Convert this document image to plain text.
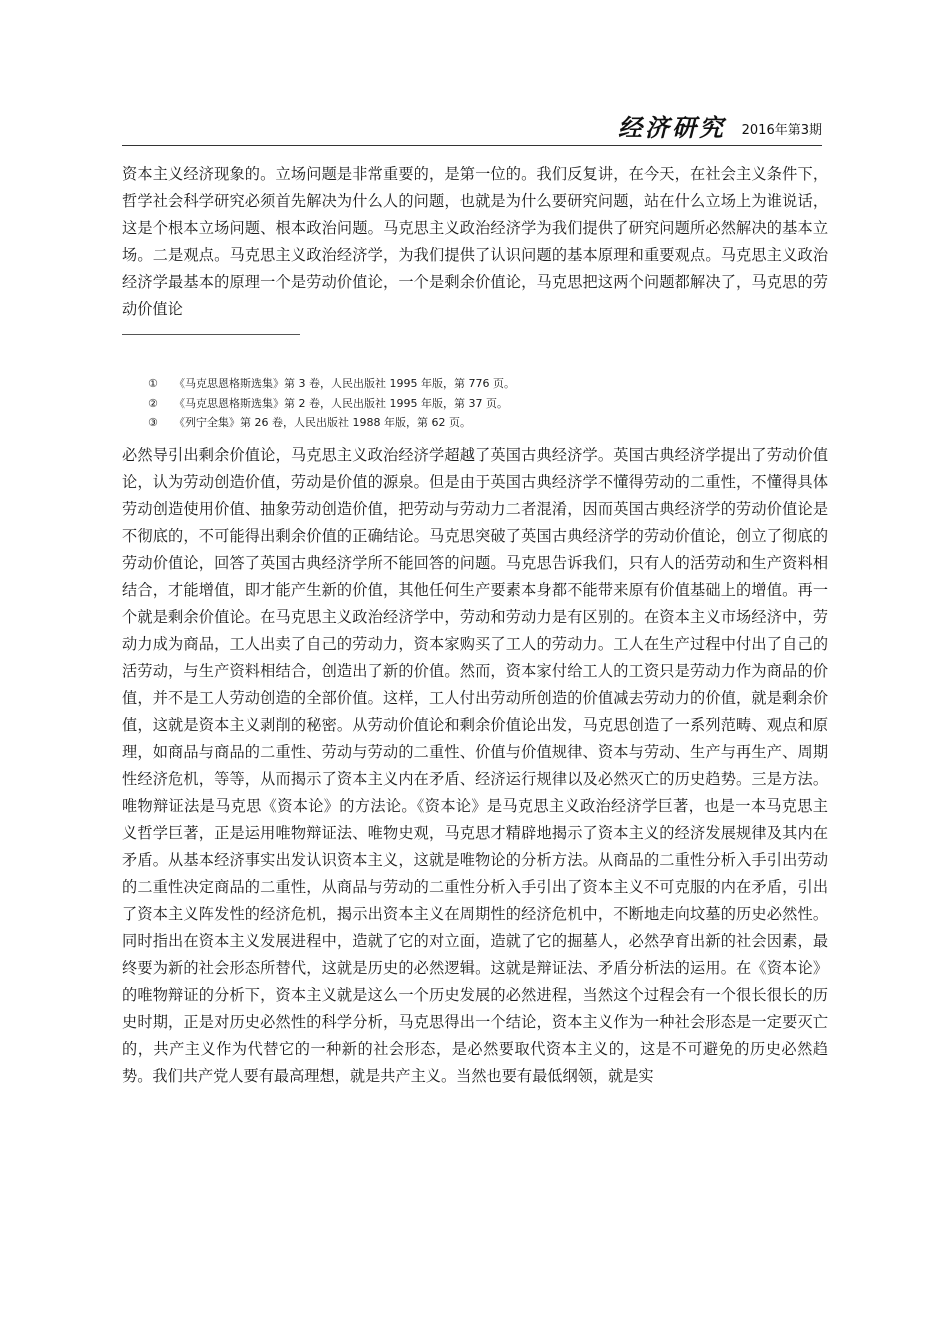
经济研究 2016年第3期

资本主义经济现象的。立场问题是非常重要的，是第一位的。我们反复讲，在今天，在社会主义条件下，哲学社会科学研究必须首先解决为什么人的问题，也就是为什么要研究问题，站在什么立场上为谁说话，这是个根本立场问题、根本政治问题。马克思主义政治经济学为我们提供了研究问题所必然解决的基本立场。二是观点。马克思主义政治经济学，为我们提供了认识问题的基本原理和重要观点。马克思主义政治经济学最基本的原理一个是劳动价值论，一个是剩余价值论，马克思把这两个问题都解决了，马克思的劳动价值论

① 《马克思恩格斯选集》第 3 卷，人民出版社 1995 年版，第 776 页。
② 《马克思恩格斯选集》第 2 卷，人民出版社 1995 年版，第 37 页。
③ 《列宁全集》第 26 卷，人民出版社 1988 年版，第 62 页。

必然导引出剩余价值论，马克思主义政治经济学超越了英国古典经济学。英国古典经济学提出了劳动价值论，认为劳动创造价值，劳动是价值的源泉。但是由于英国古典经济学不懂得劳动的二重性，不懂得具体劳动创造使用价值、抽象劳动创造价值，把劳动与劳动力二者混淆，因而英国古典经济学的劳动价值论是不彻底的，不可能得出剩余价值的正确结论。马克思突破了英国古典经济学的劳动价值论，创立了彻底的劳动价值论，回答了英国古典经济学所不能回答的问题。马克思告诉我们，只有人的活劳动和生产资料相结合，才能增值，即才能产生新的价值，其他任何生产要素本身都不能带来原有价值基础上的增值。再一个就是剩余价值论。在马克思主义政治经济学中，劳动和劳动力是有区别的。在资本主义市场经济中，劳动力成为商品，工人出卖了自己的劳动力，资本家购买了工人的劳动力。工人在生产过程中付出了自己的活劳动，与生产资料相结合，创造出了新的价值。然而，资本家付给工人的工资只是劳动力作为商品的价值，并不是工人劳动创造的全部价值。这样，工人付出劳动所创造的价值减去劳动力的价值，就是剩余价值，这就是资本主义剥削的秘密。从劳动价值论和剩余价值论出发，马克思创造了一系列范畴、观点和原理，如商品与商品的二重性、劳动与劳动的二重性、价值与价值规律、资本与劳动、生产与再生产、周期性经济危机，等等，从而揭示了资本主义内在矛盾、经济运行规律以及必然灭亡的历史趋势。三是方法。唯物辩证法是马克思《资本论》的方法论。《资本论》是马克思主义政治经济学巨著，也是一本马克思主义哲学巨著，正是运用唯物辩证法、唯物史观，马克思才精辟地揭示了资本主义的经济发展规律及其内在矛盾。从基本经济事实出发认识资本主义，这就是唯物论的分析方法。从商品的二重性分析入手引出劳动的二重性决定商品的二重性，从商品与劳动的二重性分析入手引出了资本主义不可克服的内在矛盾，引出了资本主义阵发性的经济危机，揭示出资本主义在周期性的经济危机中，不断地走向坟墓的历史必然性。同时指出在资本主义发展进程中，造就了它的对立面，造就了它的掘墓人，必然孕育出新的社会因素，最终要为新的社会形态所替代，这就是历史的必然逻辑。这就是辩证法、矛盾分析法的运用。在《资本论》的唯物辩证的分析下，资本主义就是这么一个历史发展的必然进程，当然这个过程会有一个很长很长的历史时期，正是对历史必然性的科学分析，马克思得出一个结论，资本主义作为一种社会形态是一定要灭亡的，共产主义作为代替它的一种新的社会形态，是必然要取代资本主义的，这是不可避免的历史必然趋势。我们共产党人要有最高理想，就是共产主义。当然也要有最低纲领，就是实
